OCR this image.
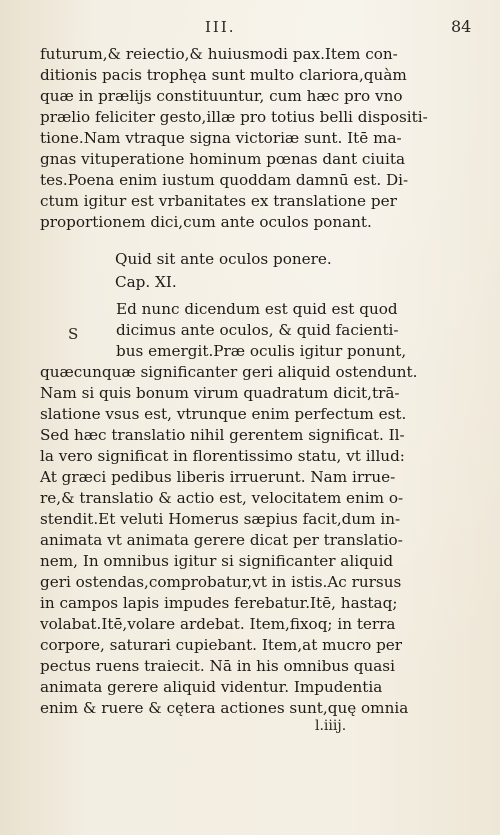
III.	84
futurum,& reiectio,& huiusmodi pax.Item con-
ditionis pacis trophęa sunt multo clariora,quàm
quæ in prælijs constituuntur, cum hæc pro vno
prælio feliciter gesto,illæ pro totius belli dispositi-
tione.Nam vtraque signa victoriæ sunt. Itē ma-
gnas vituperatione hominum pœnas dant ciuita
tes.Poena enim iustum quoddam damnū est. Di-
ctum igitur est vrbanitates ex translatione per
proportionem dici,cum ante oculos ponant.
Quid sit ante oculos ponere.
Cap. XI.
Ed nunc dicendum est quid est quod
dicimus ante oculos, & quid facienti-
bus emergit.Præ oculis igitur ponunt,
quæcunquæ significanter geri aliquid ostendunt.
Nam si quis bonum virum quadratum dicit,trā-
slatione vsus est, vtrunque enim perfectum est.
Sed hæc translatio nihil gerentem significat. Il-
la vero significat in florentissimo statu, vt illud:
At græci pedibus liberis irruerunt. Nam irrue-
re,& translatio & actio est, velocitatem enim o-
stendit.Et veluti Homerus sæpius facit,dum in-
animata vt animata gerere dicat per translatio-
nem, In omnibus igitur si significanter aliquid
geri ostendas,comprobatur,vt in istis.Ac rursus
in campos lapis impudes ferebatur.Itē, hastaq;
volabat.Itē,volare ardebat. Item,fixoq; in terra
corpore, saturari cupiebant. Item,at mucro per
pectus ruens traiecit. Nā in his omnibus quasi
animata gerere aliquid videntur. Impudentia
enim & ruere & cętera actiones sunt,quę omnia
S
l.iiij.
